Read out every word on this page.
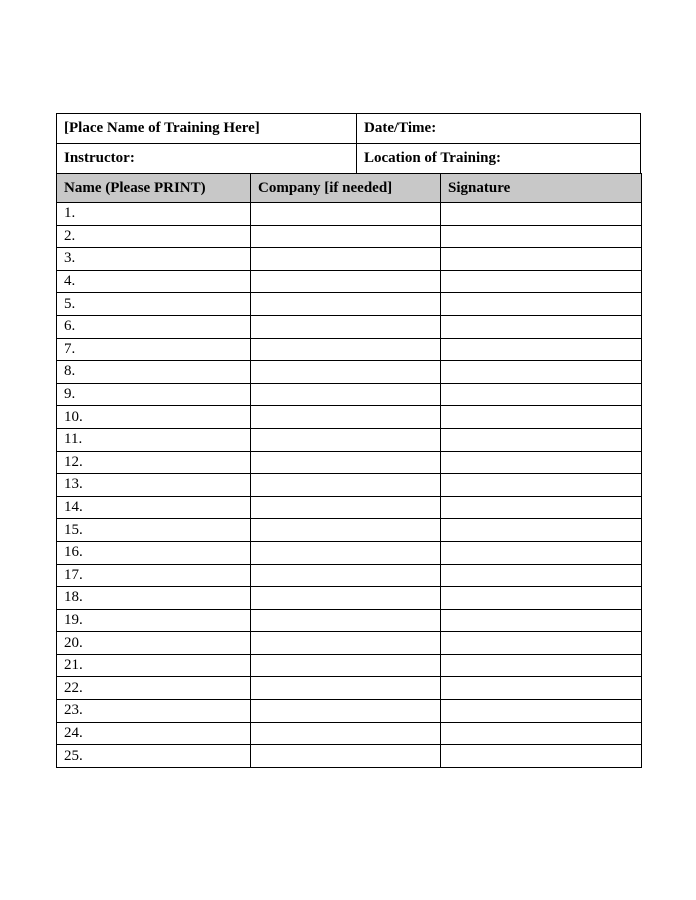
[Place Name of Training Here]	Date/Time:
Instructor:	Location of Training:
Name (Please PRINT)	Company [if needed]	Signature
1.		
2.		
3.		
4.		
5.		
6.		
7.		
8.		
9.		
10.		
11.		
12.		
13.		
14.		
15.		
16.		
17.		
18.		
19.		
20.		
21.		
22.		
23.		
24.		
25.		
